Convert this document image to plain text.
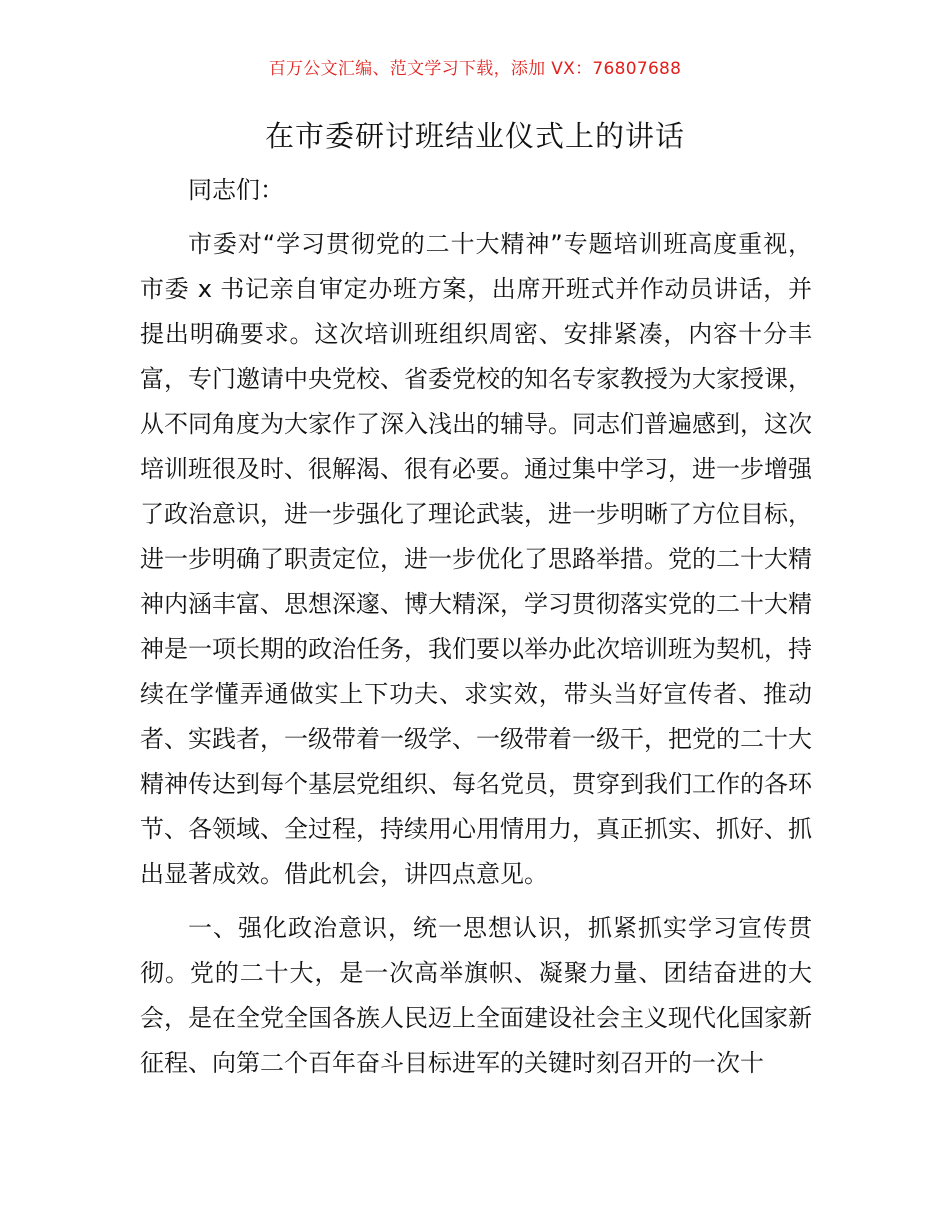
百万公文汇编、范文学习下载，添加 VX：76807688
在市委研讨班结业仪式上的讲话

同志们：

市委对“学习贯彻党的二十大精神”专题培训班高度重视，市委 x 书记亲自审定办班方案，出席开班式并作动员讲话，并提出明确要求。这次培训班组织周密、安排紧凑，内容十分丰富，专门邀请中央党校、省委党校的知名专家教授为大家授课，从不同角度为大家作了深入浅出的辅导。同志们普遍感到，这次培训班很及时、很解渴、很有必要。通过集中学习，进一步增强了政治意识，进一步强化了理论武装，进一步明晰了方位目标，进一步明确了职责定位，进一步优化了思路举措。党的二十大精神内涵丰富、思想深邃、博大精深，学习贯彻落实党的二十大精神是一项长期的政治任务，我们要以举办此次培训班为契机，持续在学懂弄通做实上下功夫、求实效，带头当好宣传者、推动者、实践者，一级带着一级学、一级带着一级干，把党的二十大精神传达到每个基层党组织、每名党员，贯穿到我们工作的各环节、各领域、全过程，持续用心用情用力，真正抓实、抓好、抓出显著成效。借此机会，讲四点意见。

一、强化政治意识，统一思想认识，抓紧抓实学习宣传贯彻。党的二十大，是一次高举旗帜、凝聚力量、团结奋进的大会，是在全党全国各族人民迈上全面建设社会主义现代化国家新征程、向第二个百年奋斗目标进军的关键时刻召开的一次十
